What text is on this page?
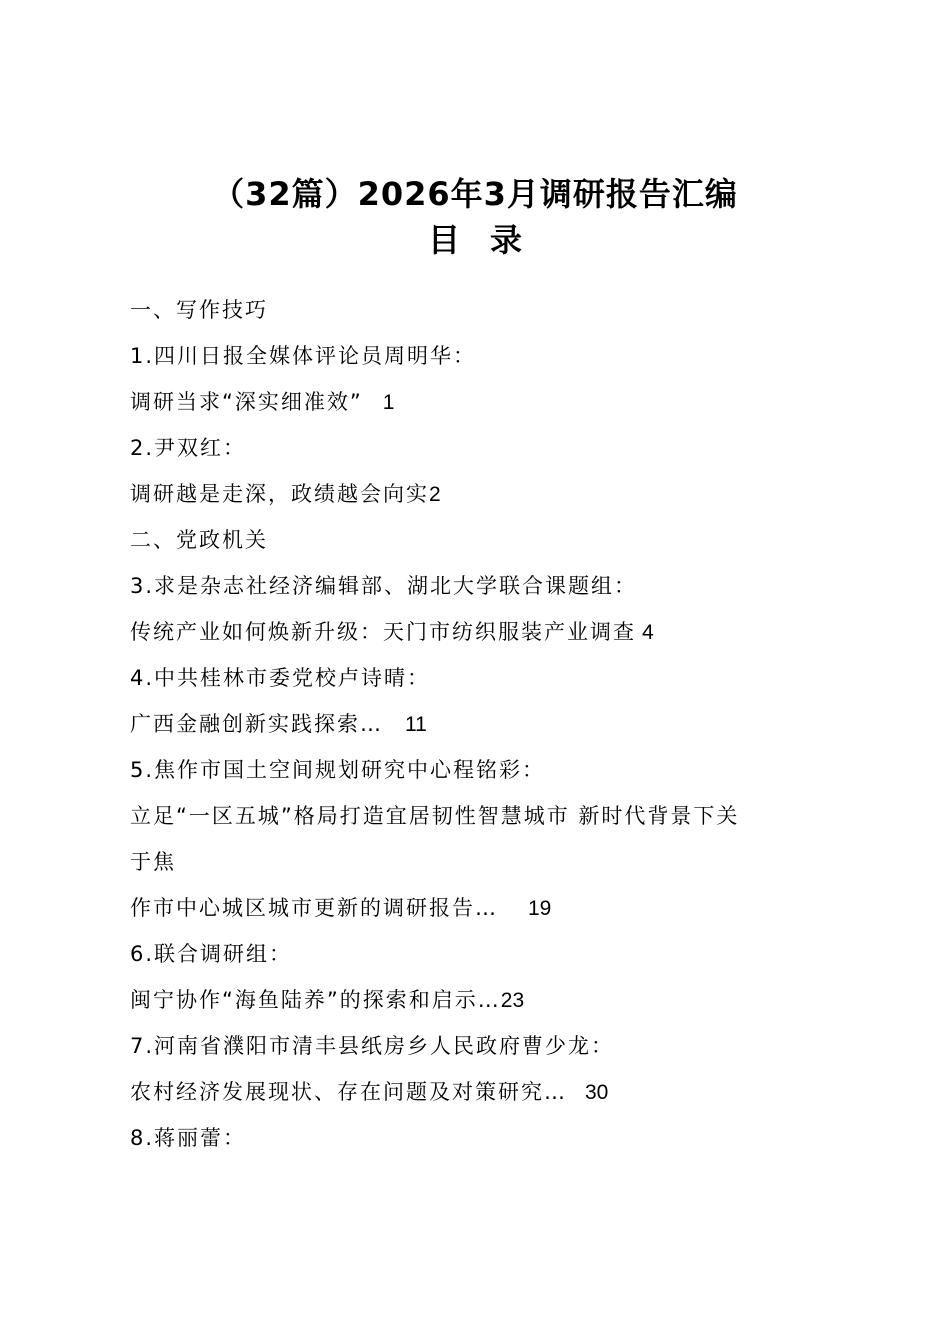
（32篇）2026年3月调研报告汇编
目录
一、写作技巧
1.四川日报全媒体评论员周明华：
调研当求“深实细准效” 1
2.尹双红：
调研越是走深，政绩越会向实2
二、党政机关
3.求是杂志社经济编辑部、湖北大学联合课题组：
传统产业如何焕新升级：天门市纺织服装产业调查 4
4.中共桂林市委党校卢诗晴：
广西金融创新实践探索… 11
5.焦作市国土空间规划研究中心程铭彩：
立足“一区五城”格局打造宜居韧性智慧城市 新时代背景下关
于焦
作市中心城区城市更新的调研报告… 19
6.联合调研组：
闽宁协作“海鱼陆养”的探索和启示…23
7.河南省濮阳市清丰县纸房乡人民政府曹少龙：
农村经济发展现状、存在问题及对策研究… 30
8.蒋丽蕾：
